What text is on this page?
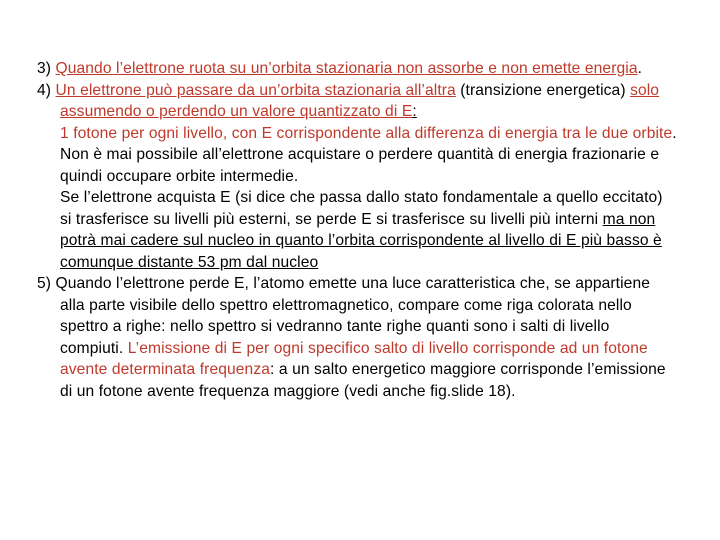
3) Quando l’elettrone ruota su un’orbita stazionaria non assorbe e non emette energia.

4) Un elettrone può passare da un’orbita stazionaria all’altra (transizione energetica) solo assumendo o perdendo un valore quantizzato di E:
1 fotone per ogni livello, con E corrispondente alla differenza di energia tra le due orbite.
Non è mai possibile all’elettrone acquistare o perdere quantità di energia frazionarie e quindi occupare orbite intermedie.
Se l’elettrone acquista E (si dice che passa dallo stato fondamentale a quello eccitato) si trasferisce su livelli più esterni, se perde E si trasferisce su livelli più interni ma non potrà mai cadere sul nucleo in quanto l’orbita corrispondente al livello di E più basso è comunque distante 53 pm dal nucleo

5) Quando l’elettrone perde E, l’atomo emette una luce caratteristica che, se appartiene alla parte visibile dello spettro elettromagnetico, compare come riga colorata nello spettro a righe: nello spettro si vedranno tante righe quanti sono i salti di livello compiuti. L’emissione di E per ogni specifico salto di livello corrisponde ad un fotone avente determinata frequenza: a un salto energetico maggiore corrisponde l’emissione di un fotone avente frequenza maggiore (vedi anche fig.slide 18).
